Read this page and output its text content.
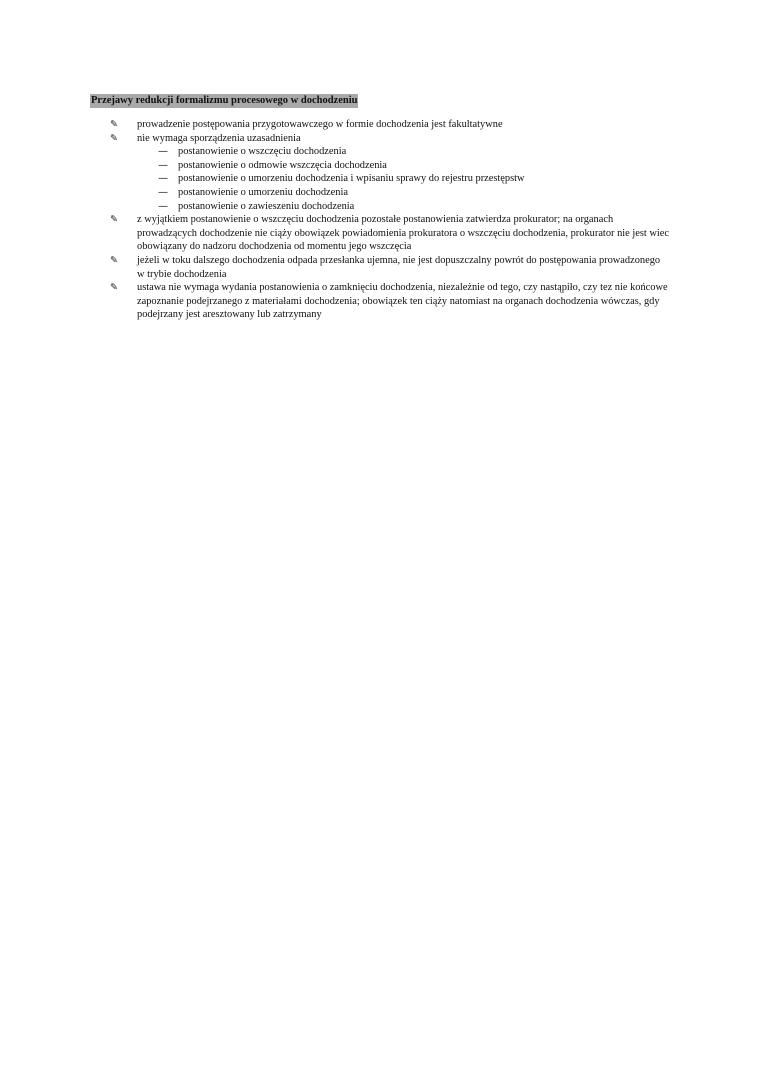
Przejawy redukcji formalizmu procesowego w dochodzeniu

✎	prowadzenie postępowania przygotowawczego w formie dochodzenia jest fakultatywne
✎	nie wymaga sporządzenia uzasadnienia
— postanowienie o wszczęciu dochodzenia
— postanowienie o odmowie wszczęcia dochodzenia
— postanowienie o umorzeniu dochodzenia i wpisaniu sprawy do rejestru przestępstw
— postanowienie o umorzeniu dochodzenia
— postanowienie o zawieszeniu dochodzenia
✎	z wyjątkiem postanowienie o wszczęciu dochodzenia pozostałe postanowienia zatwierdza prokurator; na organach prowadzących dochodzenie nie ciąży obowiązek powiadomienia prokuratora o wszczęciu dochodzenia, prokurator nie jest wiec obowiązany do nadzoru dochodzenia od momentu jego wszczęcia
✎	jeżeli w toku dalszego dochodzenia odpada przesłanka ujemna, nie jest dopuszczalny powrót do postępowania prowadzonego w trybie dochodzenia
✎	ustawa nie wymaga wydania postanowienia o zamknięciu dochodzenia, niezależnie od tego, czy nastąpiło, czy tez nie końcowe zapoznanie podejrzanego z materiałami dochodzenia; obowiązek ten ciąży natomiast na organach dochodzenia wówczas, gdy podejrzany jest aresztowany lub zatrzymany
